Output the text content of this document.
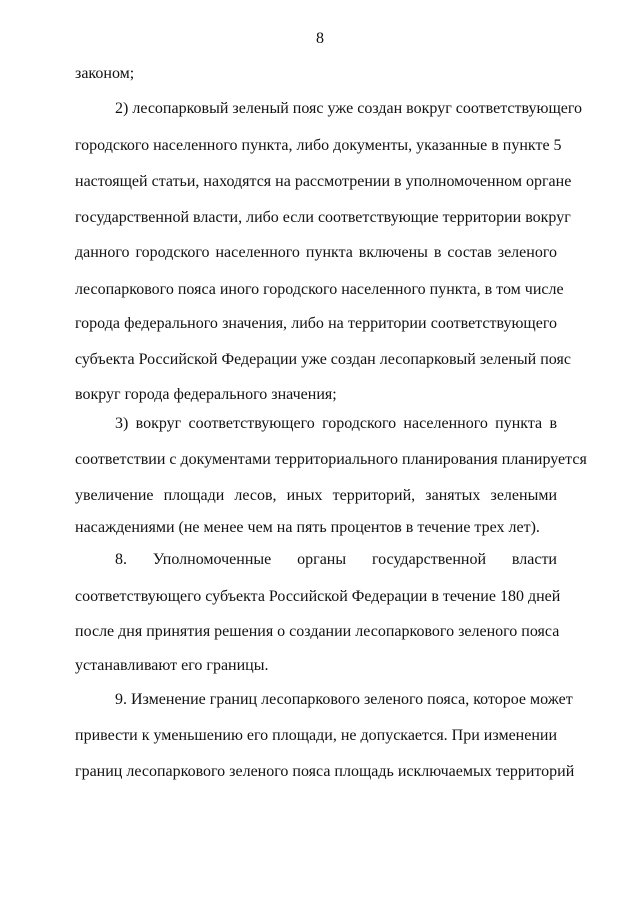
8
законом;
2) лесопарковый зеленый пояс уже создан вокруг соответствующего
городского населенного пункта, либо документы, указанные в пункте 5
настоящей статьи, находятся на рассмотрении в уполномоченном органе
государственной власти, либо если соответствующие территории вокруг
данного городского населенного пункта включены в состав зеленого
лесопаркового пояса иного городского населенного пункта, в том числе
города федерального значения, либо на территории соответствующего
субъекта Российской Федерации уже создан лесопарковый зеленый пояс
вокруг города федерального значения;
3) вокруг соответствующего городского населенного пункта в
соответствии с документами территориального планирования планируется
увеличение площади лесов, иных территорий, занятых зелеными
насаждениями (не менее чем на пять процентов в течение трех лет).
8. Уполномоченные органы государственной власти
соответствующего субъекта Российской Федерации в течение 180 дней
после дня принятия решения о создании лесопаркового зеленого пояса
устанавливают его границы.
9. Изменение границ лесопаркового зеленого пояса, которое может
привести к уменьшению его площади, не допускается. При изменении
границ лесопаркового зеленого пояса площадь исключаемых территорий
